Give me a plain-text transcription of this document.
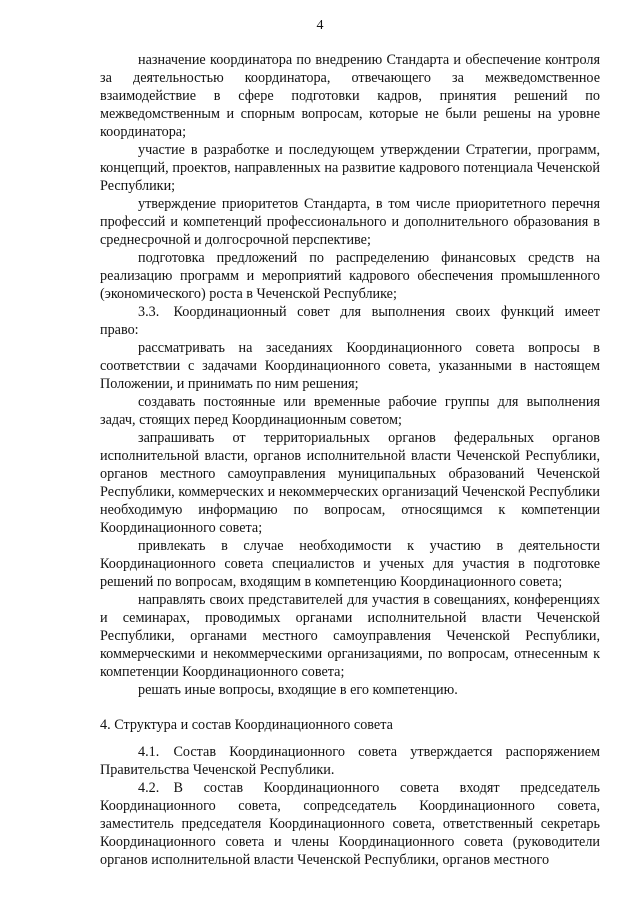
4

назначение координатора по внедрению Стандарта и обеспечение контроля за деятельностью координатора, отвечающего за межведомственное взаимодействие в сфере подготовки кадров, принятия решений по межведомственным и спорным вопросам, которые не были решены на уровне координатора;

участие в разработке и последующем утверждении Стратегии, программ, концепций, проектов, направленных на развитие кадрового потенциала Чеченской Республики;

утверждение приоритетов Стандарта, в том числе приоритетного перечня профессий и компетенций профессионального и дополнительного образования в среднесрочной и долгосрочной перспективе;

подготовка предложений по распределению финансовых средств на реализацию программ и мероприятий кадрового обеспечения промышленного (экономического) роста в Чеченской Республике;

3.3. Координационный совет для выполнения своих функций имеет право:

рассматривать на заседаниях Координационного совета вопросы в соответствии с задачами Координационного совета, указанными в настоящем Положении, и принимать по ним решения;

создавать постоянные или временные рабочие группы для выполнения задач, стоящих перед Координационным советом;

запрашивать от территориальных органов федеральных органов исполнительной власти, органов исполнительной власти Чеченской Республики, органов местного самоуправления муниципальных образований Чеченской Республики, коммерческих и некоммерческих организаций Чеченской Республики необходимую информацию по вопросам, относящимся к компетенции Координационного совета;

привлекать в случае необходимости к участию в деятельности Координационного совета специалистов и ученых для участия в подготовке решений по вопросам, входящим в компетенцию Координационного совета;

направлять своих представителей для участия в совещаниях, конференциях и семинарах, проводимых органами исполнительной власти Чеченской Республики, органами местного самоуправления Чеченской Республики, коммерческими и некоммерческими организациями, по вопросам, отнесенным к компетенции Координационного совета;

решать иные вопросы, входящие в его компетенцию.

4. Структура и состав Координационного совета

4.1. Состав Координационного совета утверждается распоряжением Правительства Чеченской Республики.

4.2. В состав Координационного совета входят председатель Координационного совета, сопредседатель Координационного совета, заместитель председателя Координационного совета, ответственный секретарь Координационного совета и члены Координационного совета (руководители органов исполнительной власти Чеченской Республики, органов местного
